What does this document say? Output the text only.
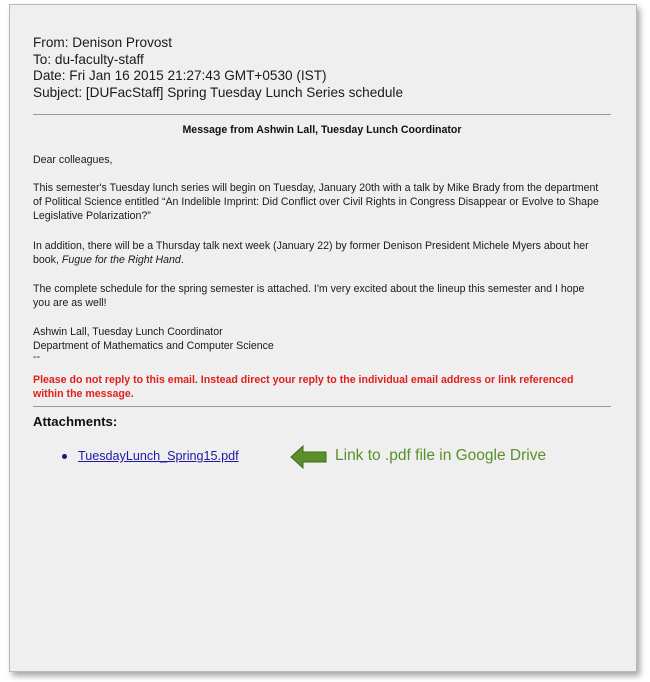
From: Denison Provost
To: du-faculty-staff
Date: Fri Jan 16 2015 21:27:43 GMT+0530 (IST)
Subject: [DUFacStaff] Spring Tuesday Lunch Series schedule
Message from Ashwin Lall, Tuesday Lunch Coordinator

Dear colleagues,

This semester's Tuesday lunch series will begin on Tuesday, January 20th with a talk by Mike Brady from the department of Political Science entitled “An Indelible Imprint: Did Conflict over Civil Rights in Congress Disappear or Evolve to Shape Legislative Polarization?”

In addition, there will be a Thursday talk next week (January 22) by former Denison President Michele Myers about her book, Fugue for the Right Hand.

The complete schedule for the spring semester is attached. I'm very excited about the lineup this semester and I hope you are as well!

Ashwin Lall, Tuesday Lunch Coordinator

Department of Mathematics and Computer Science

--

Please do not reply to this email. Instead direct your reply to the individual email address or link referenced within the message.

Attachments:
TuesdayLunch_Spring15.pdf	Link to .pdf file in Google Drive
